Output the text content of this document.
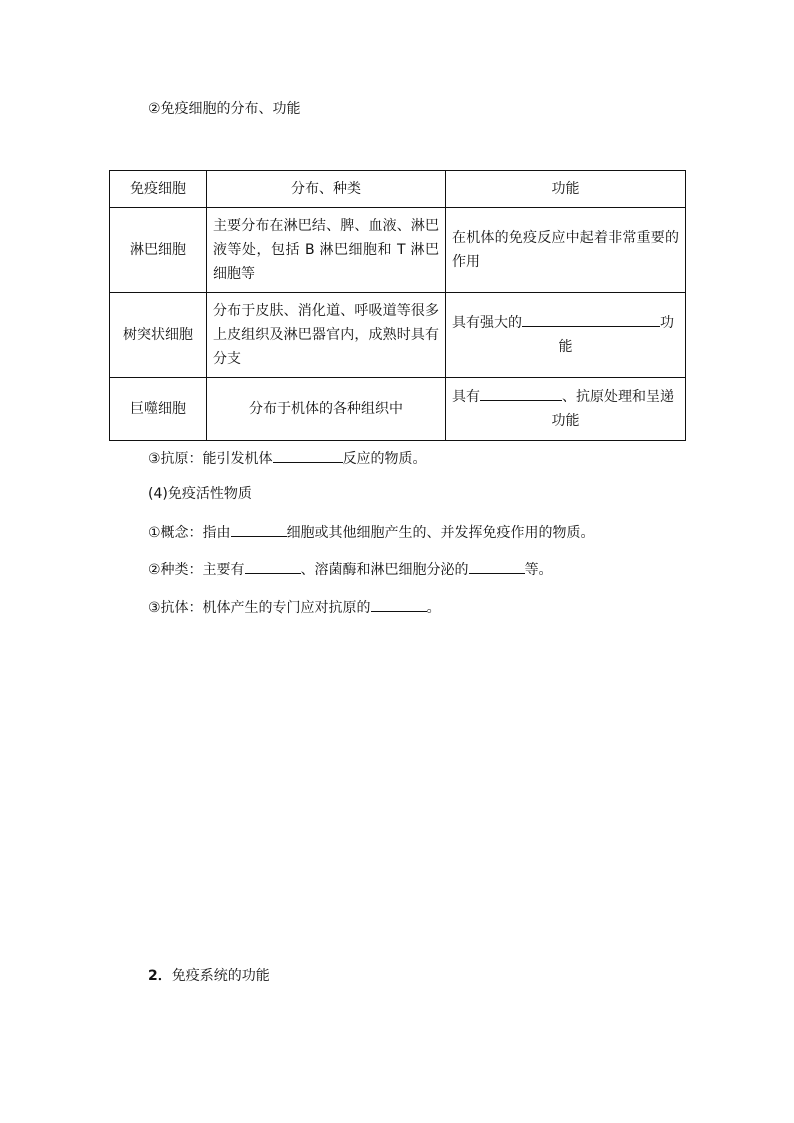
②免疫细胞的分布、功能
免疫细胞	分布、种类	功能
淋巴细胞	主要分布在淋巴结、脾、血液、淋巴液等处，包括 B 淋巴细胞和 T 淋巴细胞等	在机体的免疫反应中起着非常重要的作用
树突状细胞	分布于皮肤、消化道、呼吸道等很多上皮组织及淋巴器官内，成熟时具有分支	具有强大的 功
能

巨噬细胞	分布于机体的各种组织中	具有 、抗原处理和呈递
功能
③抗原：能引发机体	反应的物质。
(4)免疫活性物质
①概念：指由	细胞或其他细胞产生的、并发挥免疫作用的物质。
②种类：主要有	、溶菌酶和淋巴细胞分泌的	等。
③抗体：机体产生的专门应对抗原的	。
2．免疫系统的功能
